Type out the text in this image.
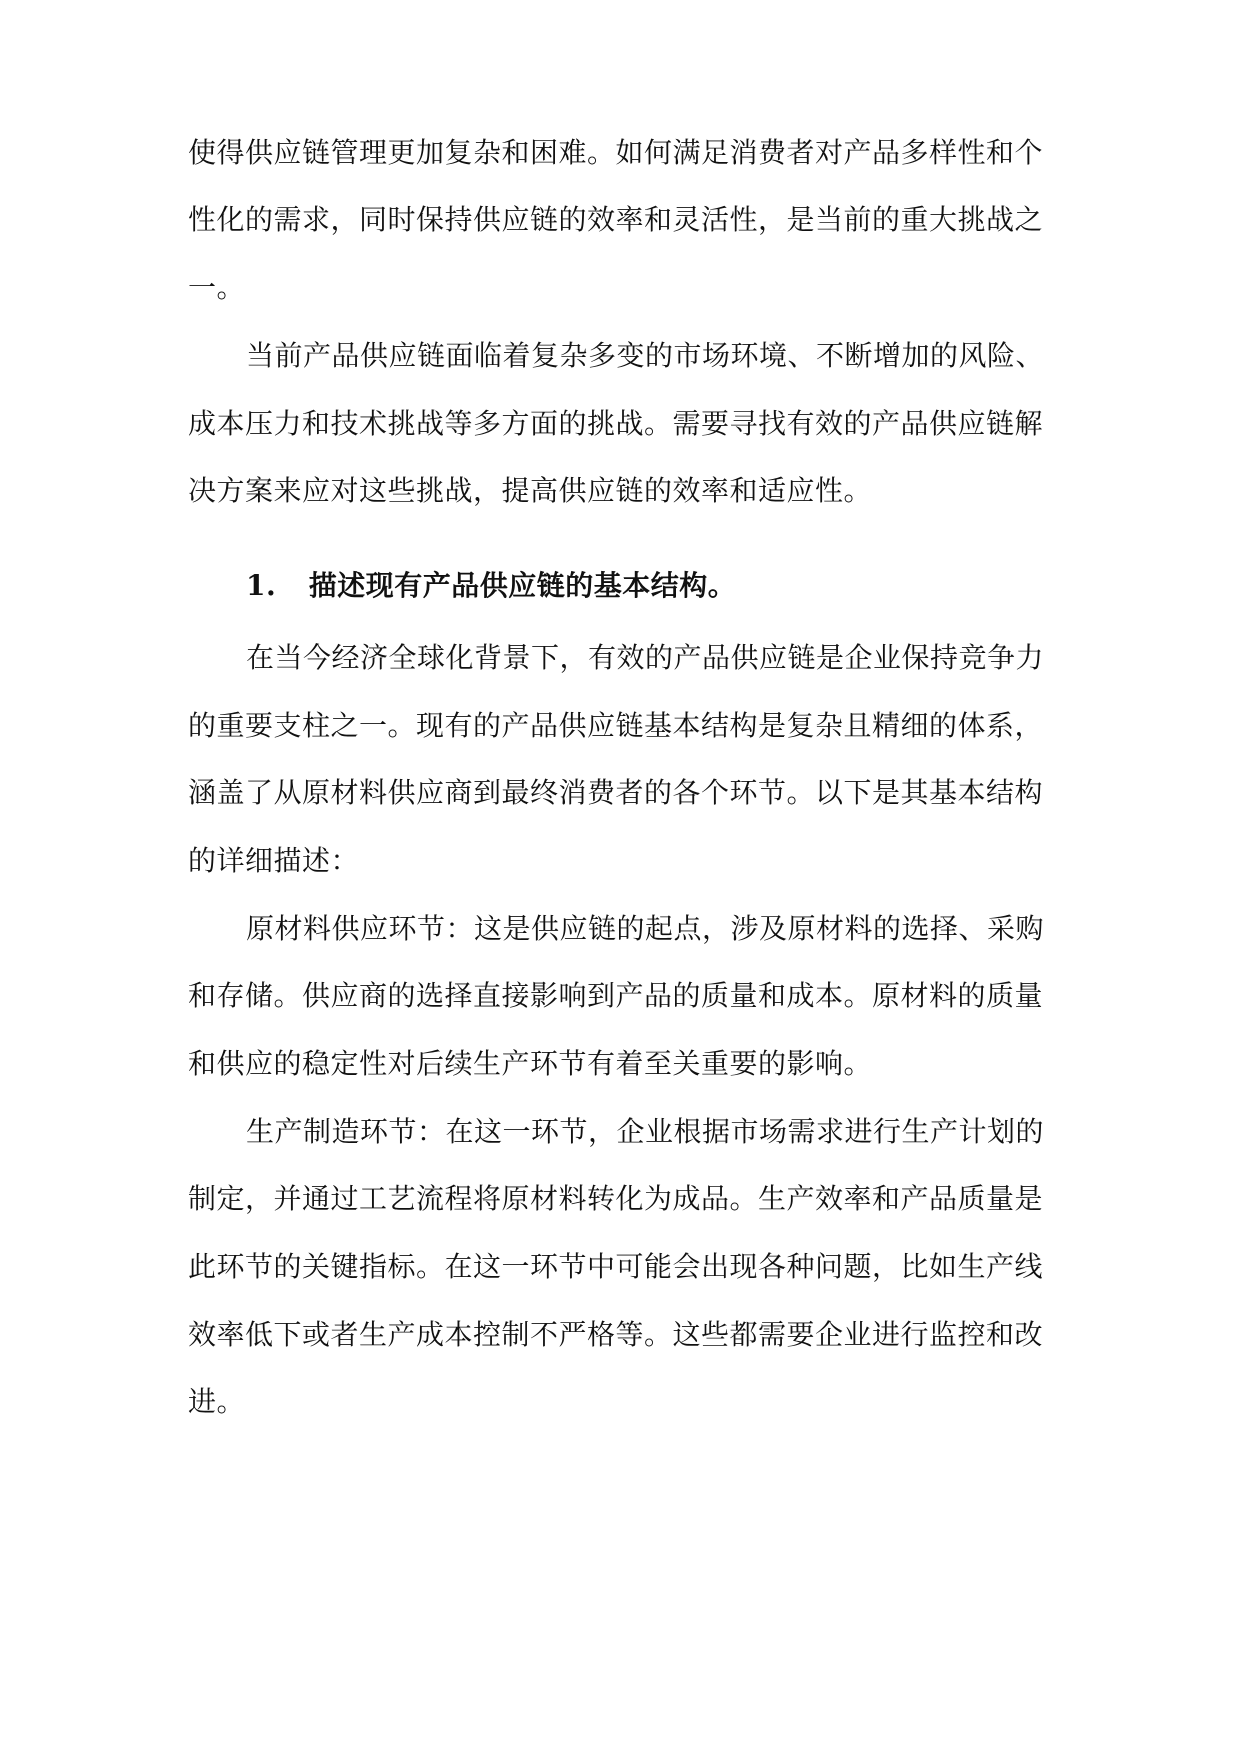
使得供应链管理更加复杂和困难。如何满足消费者对产品多样性和个
性化的需求，同时保持供应链的效率和灵活性，是当前的重大挑战之
一。
当前产品供应链面临着复杂多变的市场环境、不断增加的风险、
成本压力和技术挑战等多方面的挑战。需要寻找有效的产品供应链解
决方案来应对这些挑战，提高供应链的效率和适应性。
1. 描述现有产品供应链的基本结构。
在当今经济全球化背景下，有效的产品供应链是企业保持竞争力
的重要支柱之一。现有的产品供应链基本结构是复杂且精细的体系，
涵盖了从原材料供应商到最终消费者的各个环节。以下是其基本结构
的详细描述：
原材料供应环节：这是供应链的起点，涉及原材料的选择、采购
和存储。供应商的选择直接影响到产品的质量和成本。原材料的质量
和供应的稳定性对后续生产环节有着至关重要的影响。
生产制造环节：在这一环节，企业根据市场需求进行生产计划的
制定，并通过工艺流程将原材料转化为成品。生产效率和产品质量是
此环节的关键指标。在这一环节中可能会出现各种问题，比如生产线
效率低下或者生产成本控制不严格等。这些都需要企业进行监控和改
进。
